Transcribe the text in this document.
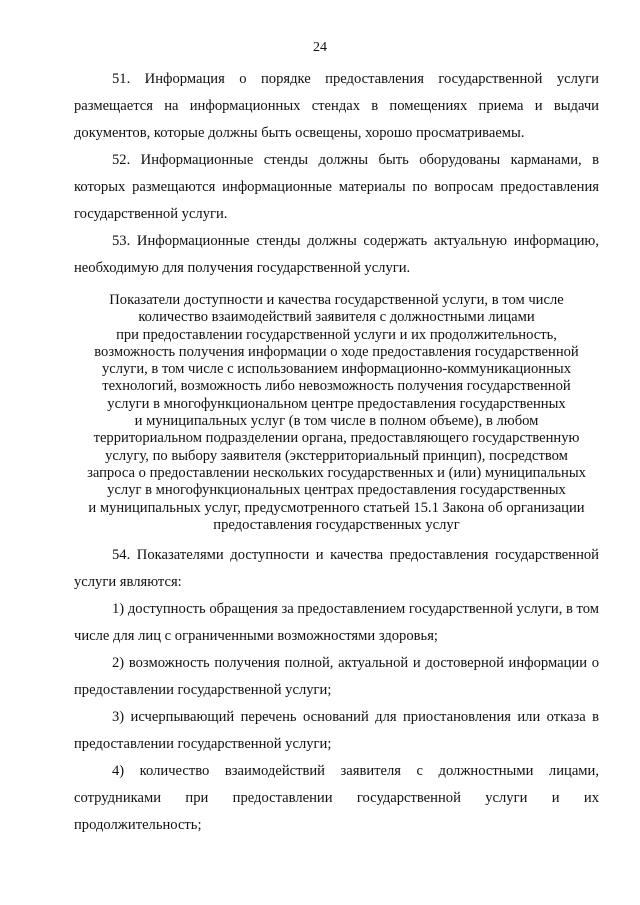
24

51. Информация о порядке предоставления государственной услуги размещается на информационных стендах в помещениях приема и выдачи документов, которые должны быть освещены, хорошо просматриваемы.

52. Информационные стенды должны быть оборудованы карманами, в которых размещаются информационные материалы по вопросам предоставления государственной услуги.

53. Информационные стенды должны содержать актуальную информацию, необходимую для получения государственной услуги.

Показатели доступности и качества государственной услуги, в том числе
количество взаимодействий заявителя с должностными лицами
при предоставлении государственной услуги и их продолжительность,
возможность получения информации о ходе предоставления государственной
услуги, в том числе с использованием информационно-коммуникационных
технологий, возможность либо невозможность получения государственной
услуги в многофункциональном центре предоставления государственных
и муниципальных услуг (в том числе в полном объеме), в любом
территориальном подразделении органа, предоставляющего государственную
услугу, по выбору заявителя (экстерриториальный принцип), посредством
запроса о предоставлении нескольких государственных и (или) муниципальных
услуг в многофункциональных центрах предоставления государственных
и муниципальных услуг, предусмотренного статьей 15.1 Закона об организации
предоставления государственных услуг

54. Показателями доступности и качества предоставления государственной услуги являются:

1) доступность обращения за предоставлением государственной услуги, в том числе для лиц с ограниченными возможностями здоровья;

2) возможность получения полной, актуальной и достоверной информации о предоставлении государственной услуги;

3) исчерпывающий перечень оснований для приостановления или отказа в предоставлении государственной услуги;

4) количество взаимодействий заявителя с должностными лицами, сотрудниками при предоставлении государственной услуги и их продолжительность;
